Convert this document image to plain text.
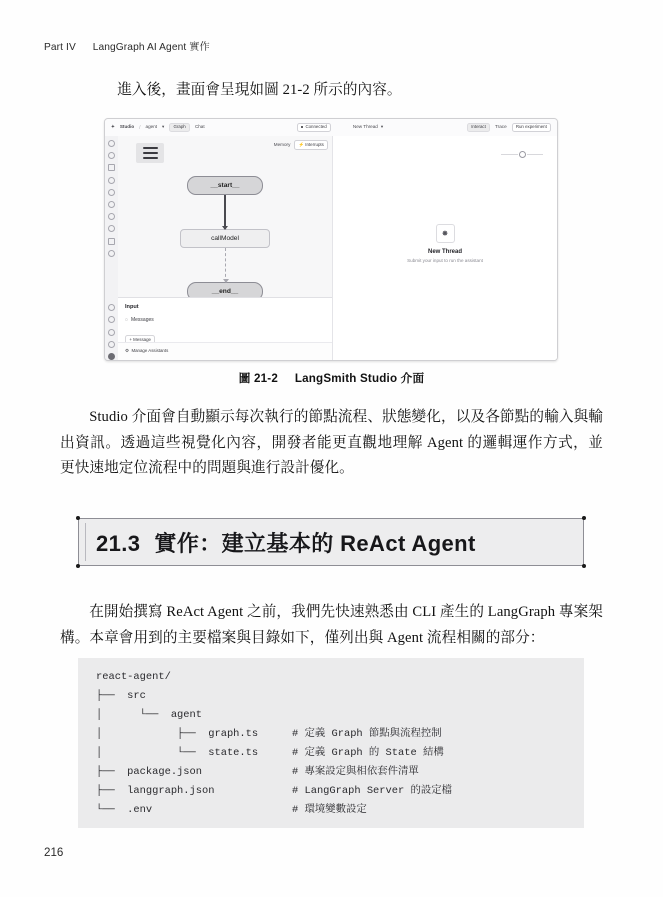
Part IV LangGraph AI Agent 實作
進入後，畫面會呈現如圖 21-2 所示的內容。
✦ Studio / agent ▾	Graph	Chat	Connected	New Thread ▾	Interact	Trace	Run experiment
Memory	⚡ Interrupts
__start__
callModel
__end__
Input
◌ Messages
+ Message
⚙ Manage Assistants
✸
New Thread
Submit your input to run the assistant
圖 21-2 LangSmith Studio 介面
Studio 介面會自動顯示每次執行的節點流程、狀態變化，以及各節點的輸入與輸出資訊。透過這些視覺化內容，開發者能更直觀地理解 Agent 的邏輯運作方式，並更快速地定位流程中的問題與進行設計優化。
21.3 實作：建立基本的 ReAct Agent
在開始撰寫 ReAct Agent 之前，我們先快速熟悉由 CLI 產生的 LangGraph 專案架構。本章會用到的主要檔案與目錄如下，僅列出與 Agent 流程相關的部分：
react-agent/
├──  src
│      └──  agent
│            ├──  graph.ts	# 定義 Graph 節點與流程控制
│            └──  state.ts	# 定義 Graph 的 State 結構
├──  package.json	# 專案設定與相依套件清單
├──  langgraph.json	# LangGraph Server 的設定檔
└──  .env	# 環境變數設定
216
